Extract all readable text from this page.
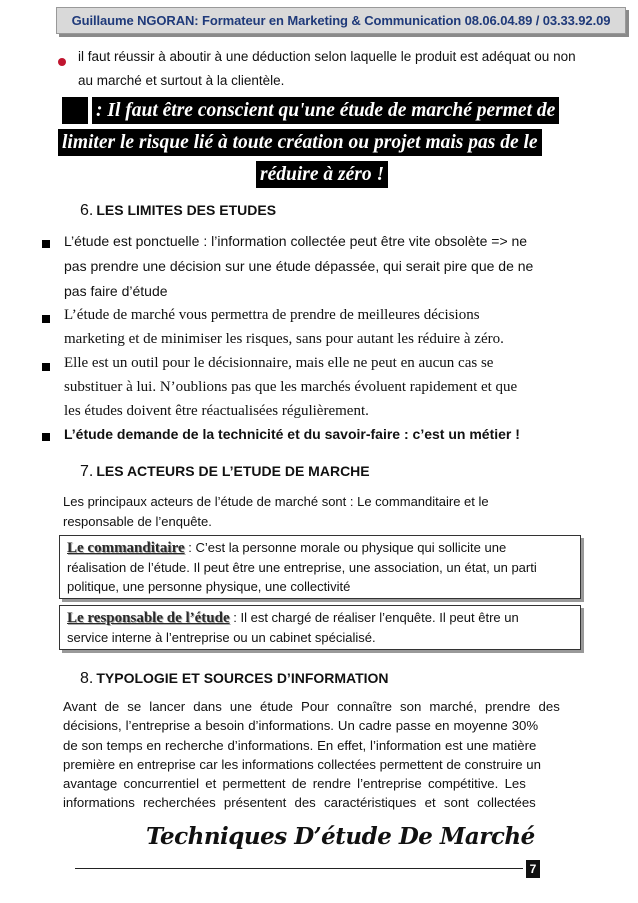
Guillaume NGORAN: Formateur en Marketing & Communication 08.06.04.89 / 03.33.92.09
il faut réussir à aboutir à une déduction selon laquelle le produit est adéquat ou non
au marché et surtout à la clientèle.
: Il faut être conscient qu'une étude de marché permet de
limiter le risque lié à toute création ou projet mais pas de le
réduire à zéro !
6. LES LIMITES DES ETUDES
L’étude est ponctuelle : l’information collectée peut être vite obsolète => ne
pas prendre une décision sur une étude dépassée, qui serait pire que de ne
pas faire d’étude
L’étude de marché vous permettra de prendre de meilleures décisions
marketing et de minimiser les risques, sans pour autant les réduire à zéro.
Elle est un outil pour le décisionnaire, mais elle ne peut en aucun cas se
substituer à lui. N’oublions pas que les marchés évoluent rapidement et que
les études doivent être réactualisées régulièrement.
L’étude demande de la technicité et du savoir-faire : c’est un métier !
7. LES ACTEURS DE L’ETUDE DE MARCHE
Les principaux acteurs de l’étude de marché sont : Le commanditaire et le
responsable de l’enquête.
Le commanditaire : C’est la personne morale ou physique qui sollicite une
réalisation de l’étude. Il peut être une entreprise, une association, un état, un parti
politique, une personne physique, une collectivité
Le responsable de l’étude : Il est chargé de réaliser l’enquête. Il peut être un
service interne à l’entreprise ou un cabinet spécialisé.
8. TYPOLOGIE ET SOURCES D’INFORMATION
Avant de se lancer dans une étude Pour connaître son marché, prendre des
décisions, l’entreprise a besoin d’informations. Un cadre passe en moyenne 30%
de son temps en recherche d’informations. En effet, l’information est une matière
première en entreprise car les informations collectées permettent de construire un
avantage concurrentiel et permettent de rendre l’entreprise compétitive. Les
informations recherchées présentent des caractéristiques et sont collectées
Techniques D’étude De Marché
7
